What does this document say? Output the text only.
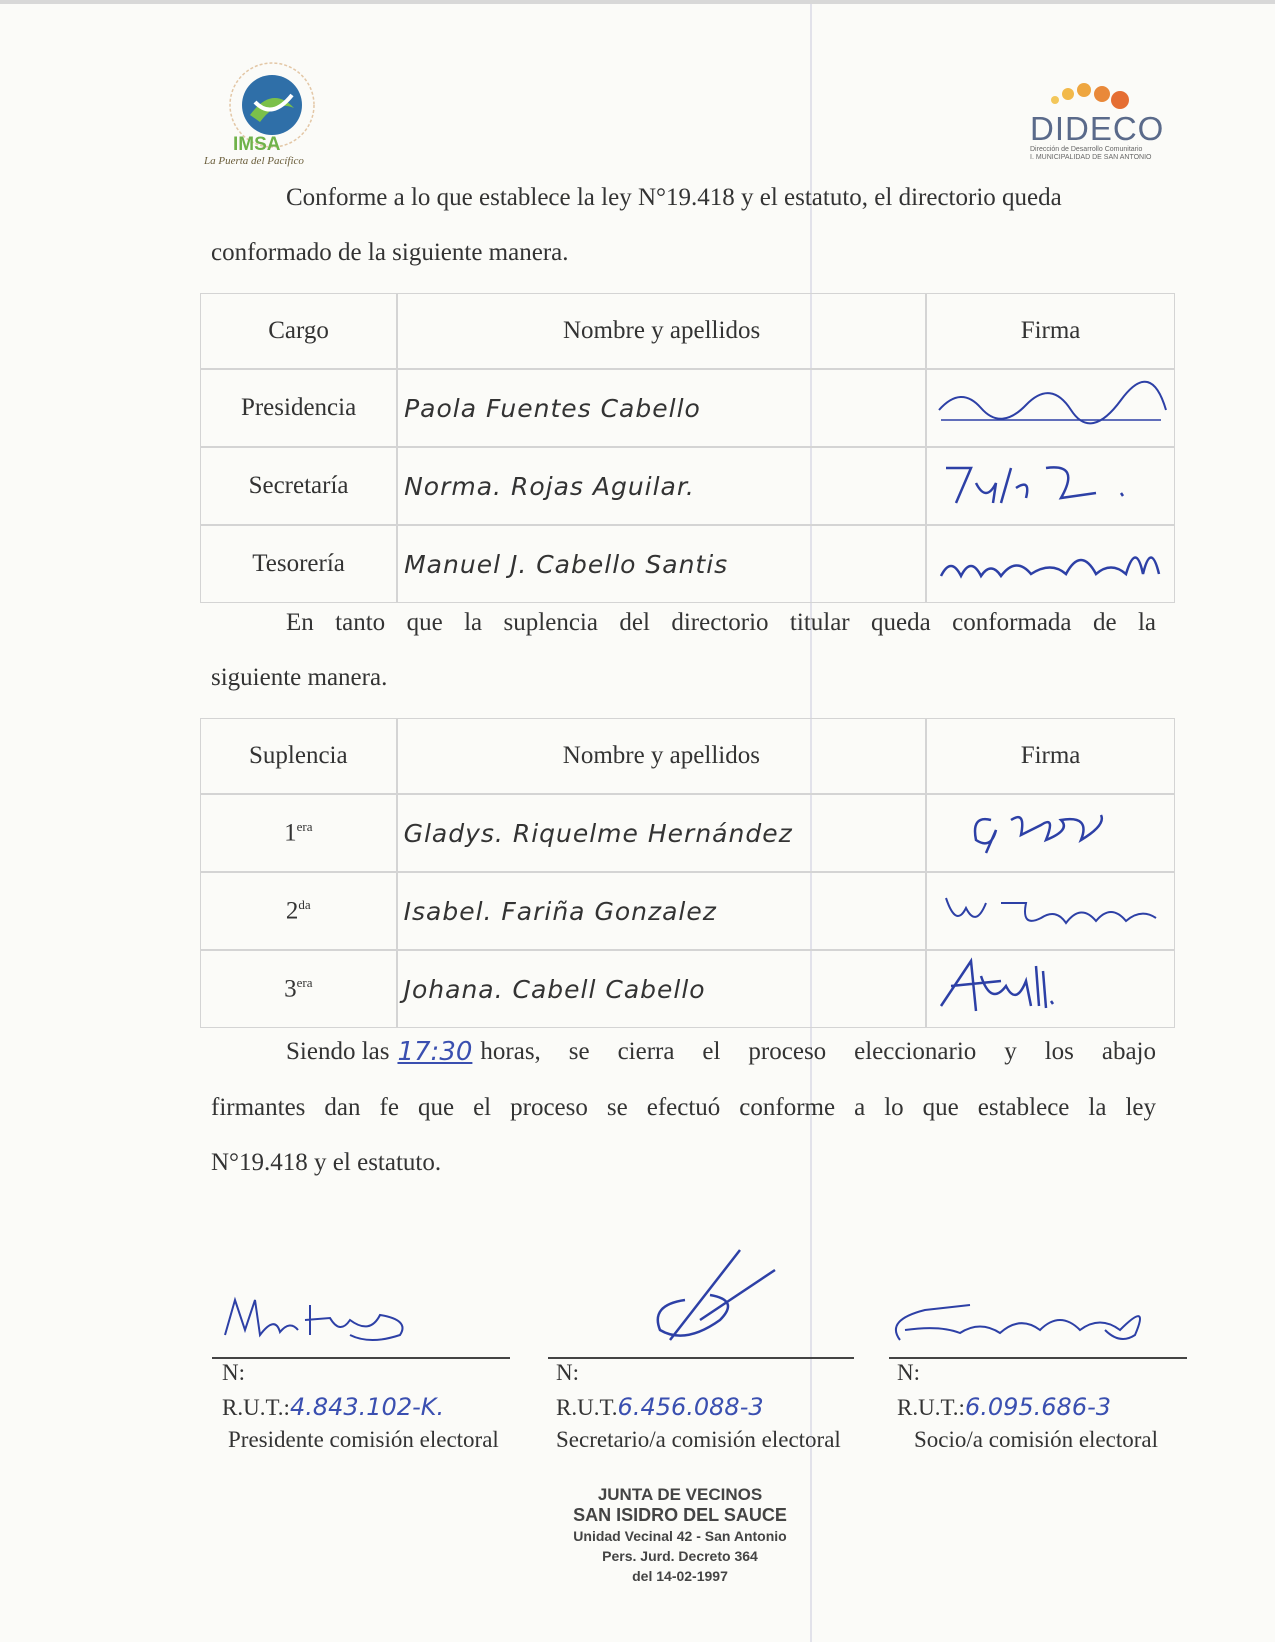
IMSA
La Puerta del Pacífico
DIDECO
Dirección de Desarrollo Comunitario
I. MUNICIPALIDAD DE SAN ANTONIO
Conforme a lo que establece la ley N°19.418 y el estatuto, el directorio queda
conformado de la siguiente manera.
Cargo	Nombre y apellidos	Firma
Presidencia	Paola Fuentes Cabello	
Secretaría	Norma. Rojas Aguilar.	
Tesorería	Manuel J. Cabello Santis	
En tanto que la suplencia del directorio titular queda conformada de la
siguiente manera.
Suplencia	Nombre y apellidos	Firma
$1^{era}$	Gladys. Riquelme Hernández	
$2^{da}$	Isabel. Fariña Gonzalez	
$3^{era}$	Johana. Cabell Cabello	
Siendo las 17:30 horas, se cierra el proceso eleccionario y los abajo
firmantes dan fe que el proceso se efectuó conforme a lo que establece la ley
N°19.418 y el estatuto.
N:
R.U.T.:4.843.102-K.
Presidente comisión electoral
N:
R.U.T.6.456.088-3
Secretario/a comisión electoral
N:
R.U.T.:6.095.686-3
Socio/a comisión electoral
JUNTA DE VECINOS
SAN ISIDRO DEL SAUCE
Unidad Vecinal 42 - San Antonio
Pers. Jurd. Decreto 364
del 14-02-1997
